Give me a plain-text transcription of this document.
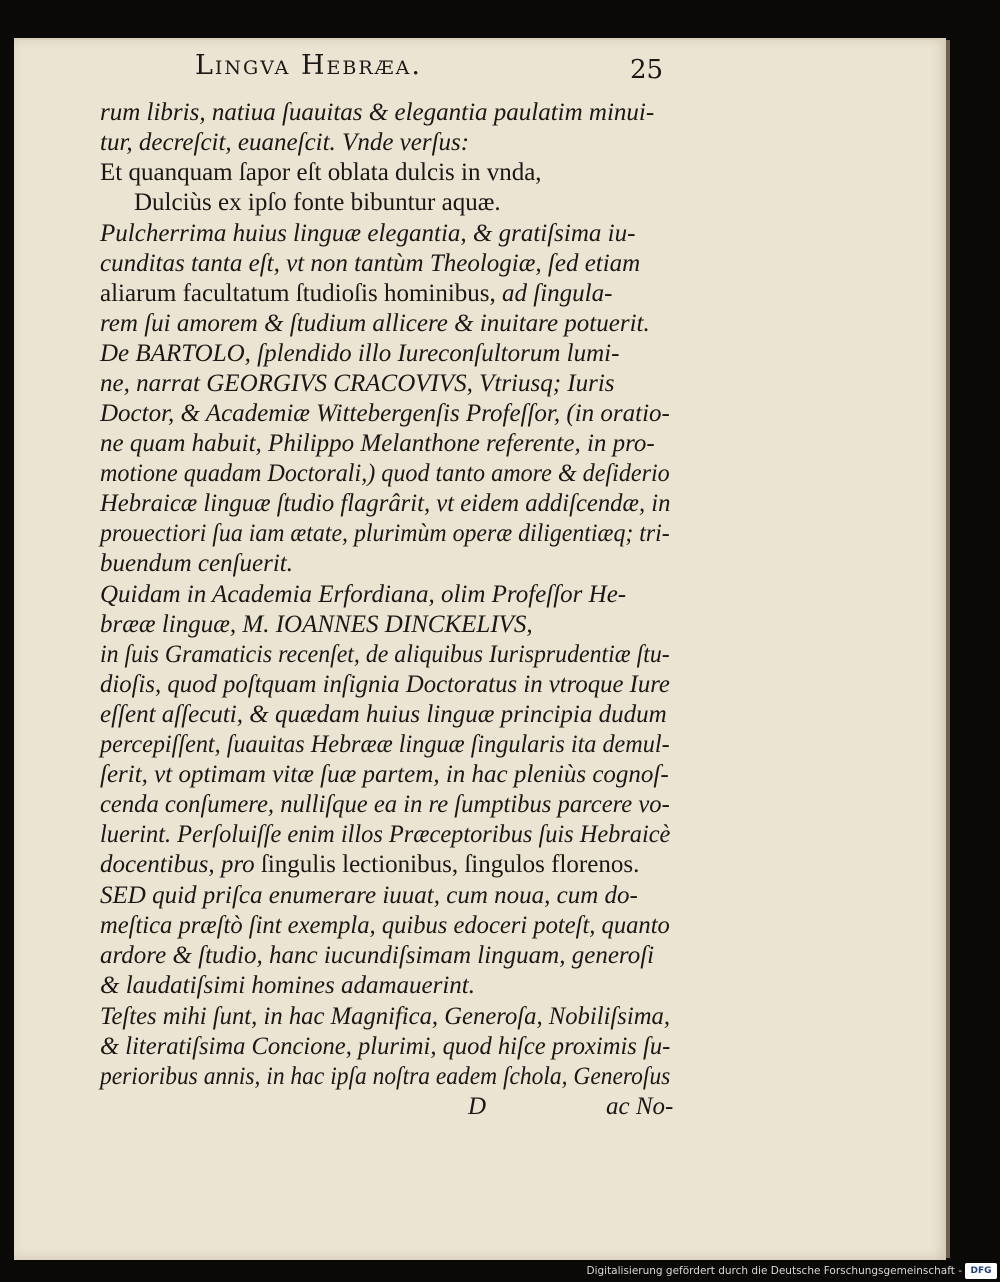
Lingva Hebræa.	25

rum libris, natiua ſuauitas & elegantia paulatim minui-

tur, decreſcit, euaneſcit. Vnde verſus:

Et quanquam ſapor eſt oblata dulcis in vnda,

Dulciùs ex ipſo fonte bibuntur aquæ.

Pulcherrima huius linguæ elegantia, & gratiſsima iu-

cunditas tanta eſt, vt non tantùm Theologiæ, ſed etiam

aliarum facultatum ſtudioſis hominibus, ad ſingula-

rem ſui amorem & ſtudium allicere & inuitare potuerit.

De BARTOLO, ſplendido illo Iureconſultorum lumi-

ne, narrat GEORGIVS CRACOVIVS, Vtriusq; Iuris

Doctor, & Academiæ Wittebergenſis Profeſſor, (in oratio-

ne quam habuit, Philippo Melanthone referente, in pro-

motione quadam Doctorali,) quod tanto amore & deſiderio

Hebraicæ linguæ ſtudio flagrârit, vt eidem addiſcendæ, in

prouectiori ſua iam ætate, plurimùm operæ diligentiæq; tri-

buendum cenſuerit.

Quidam in Academia Erfordiana, olim Profeſſor He-

brææ linguæ, M. IOANNES DINCKELIVS,

in ſuis Gramaticis recenſet, de aliquibus Iurisprudentiæ ſtu-

dioſis, quod poſtquam inſignia Doctoratus in vtroque Iure

eſſent aſſecuti, & quædam huius linguæ principia dudum

percepiſſent, ſuauitas Hebrææ linguæ ſingularis ita demul-

ſerit, vt optimam vitæ ſuæ partem, in hac pleniùs cognoſ-

cenda conſumere, nulliſque ea in re ſumptibus parcere vo-

luerint. Perſoluiſſe enim illos Præceptoribus ſuis Hebraicè

docentibus, pro ſingulis lectionibus, ſingulos florenos.

SED quid priſca enumerare iuuat, cum noua, cum do-

meſtica præſtò ſint exempla, quibus edoceri poteſt, quanto

ardore & ſtudio, hanc iucundiſsimam linguam, generoſi

& laudatiſsimi homines adamauerint.

Teſtes mihi ſunt, in hac Magnifica, Generoſa, Nobiliſsima,

& literatiſsima Concione, plurimi, quod hiſce proximis ſu-

perioribus annis, in hac ipſa noſtra eadem ſchola, Generoſus

D	ac No-

Digitalisierung gefördert durch die Deutsche Forschungsgemeinschaft - DFG
